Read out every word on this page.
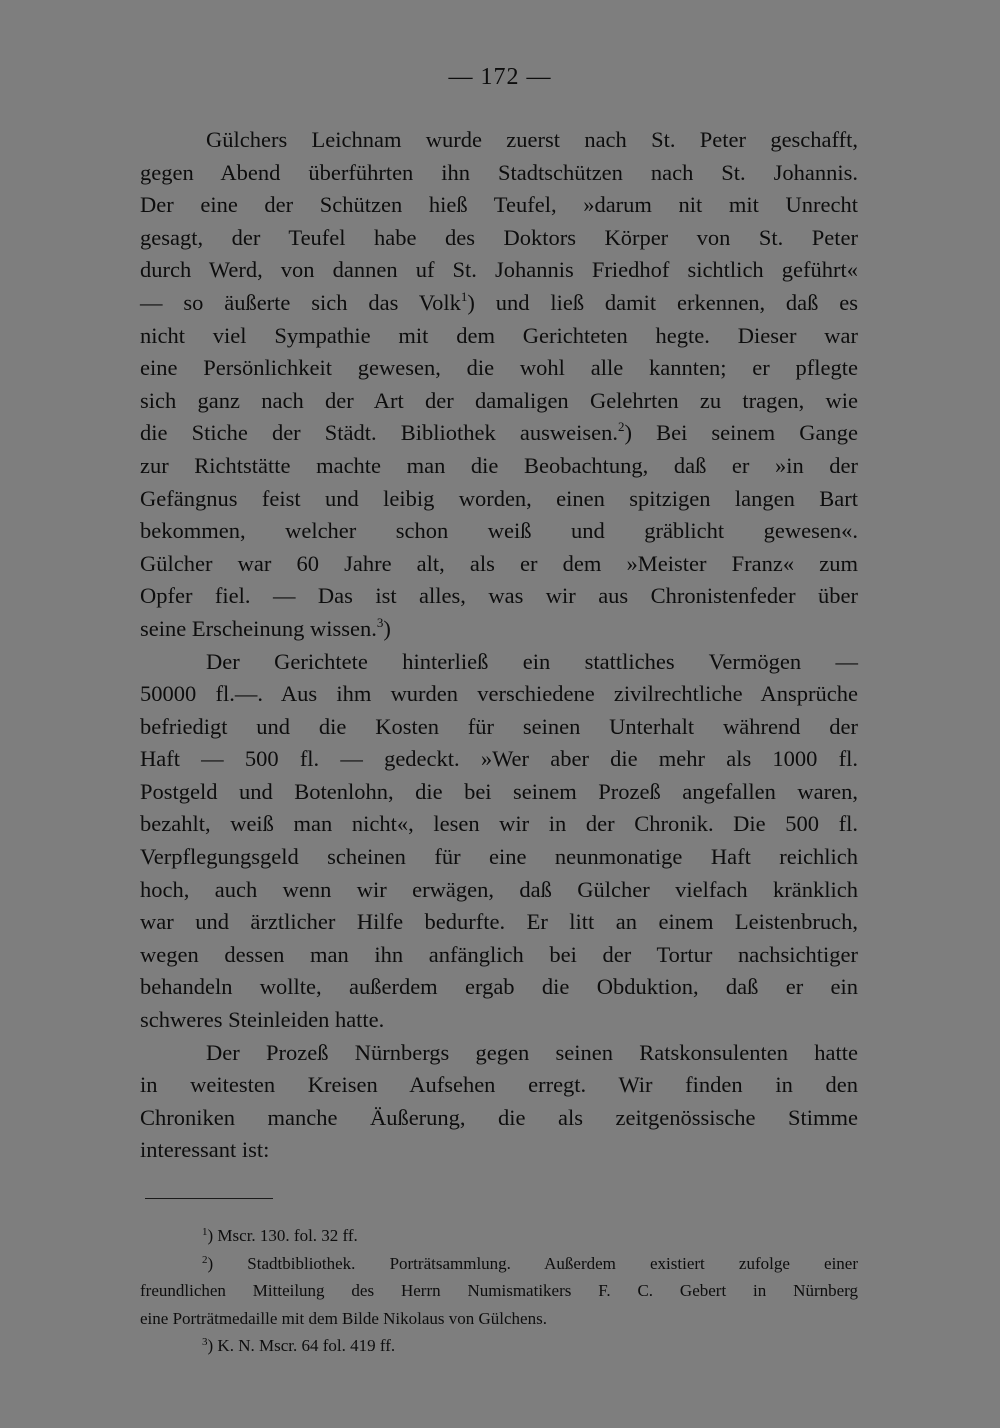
— 172 —
Gülchers Leichnam wurde zuerst nach St. Peter geschafft,
gegen Abend überführten ihn Stadtschützen nach St. Johannis.
Der eine der Schützen hieß Teufel, »darum nit mit Unrecht
gesagt, der Teufel habe des Doktors Körper von St. Peter
durch Werd, von dannen uf St. Johannis Friedhof sichtlich geführt«
— so äußerte sich das Volk$^1$) und ließ damit erkennen, daß es
nicht viel Sympathie mit dem Gerichteten hegte. Dieser war
eine Persönlichkeit gewesen, die wohl alle kannten; er pflegte
sich ganz nach der Art der damaligen Gelehrten zu tragen, wie
die Stiche der Städt. Bibliothek ausweisen.$^2$) Bei seinem Gange
zur Richtstätte machte man die Beobachtung, daß er »in der
Gefängnus feist und leibig worden, einen spitzigen langen Bart
bekommen, welcher schon weiß und gräblicht gewesen«.
Gülcher war 60 Jahre alt, als er dem »Meister Franz« zum
Opfer fiel. — Das ist alles, was wir aus Chronistenfeder über
seine Erscheinung wissen.$^3$)
Der Gerichtete hinterließ ein stattliches Vermögen —
50000 fl.—. Aus ihm wurden verschiedene zivilrechtliche Ansprüche
befriedigt und die Kosten für seinen Unterhalt während der
Haft — 500 fl. — gedeckt. »Wer aber die mehr als 1000 fl.
Postgeld und Botenlohn, die bei seinem Prozeß angefallen waren,
bezahlt, weiß man nicht«, lesen wir in der Chronik. Die 500 fl.
Verpflegungsgeld scheinen für eine neunmonatige Haft reichlich
hoch, auch wenn wir erwägen, daß Gülcher vielfach kränklich
war und ärztlicher Hilfe bedurfte. Er litt an einem Leistenbruch,
wegen dessen man ihn anfänglich bei der Tortur nachsichtiger
behandeln wollte, außerdem ergab die Obduktion, daß er ein
schweres Steinleiden hatte.
Der Prozeß Nürnbergs gegen seinen Ratskonsulenten hatte
in weitesten Kreisen Aufsehen erregt. Wir finden in den
Chroniken manche Äußerung, die als zeitgenössische Stimme
interessant ist:
$^1$) Mscr. 130. fol. 32 ff.
$^2$) Stadtbibliothek. Porträtsammlung. Außerdem existiert zufolge einer
freundlichen Mitteilung des Herrn Numismatikers F. C. Gebert in Nürnberg
eine Porträtmedaille mit dem Bilde Nikolaus von Gülchens.
$^3$) K. N. Mscr. 64 fol. 419 ff.
